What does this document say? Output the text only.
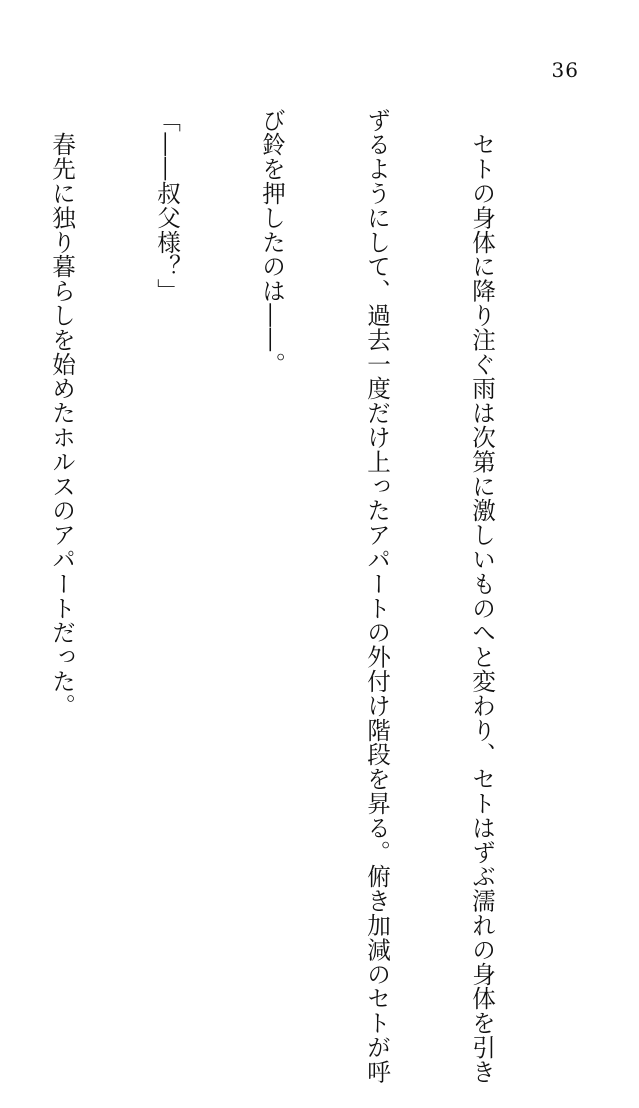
36

　セトの身体に降り注ぐ雨は次第に激しいものへと変わり、セトはずぶ濡れの身体を引き

ずるようにして、過去一度だけ上ったアパートの外付け階段を昇る。俯き加減のセトが呼

び鈴を押したのは――。

「――叔父様？」

　春先に独り暮らしを始めたホルスのアパートだった。
